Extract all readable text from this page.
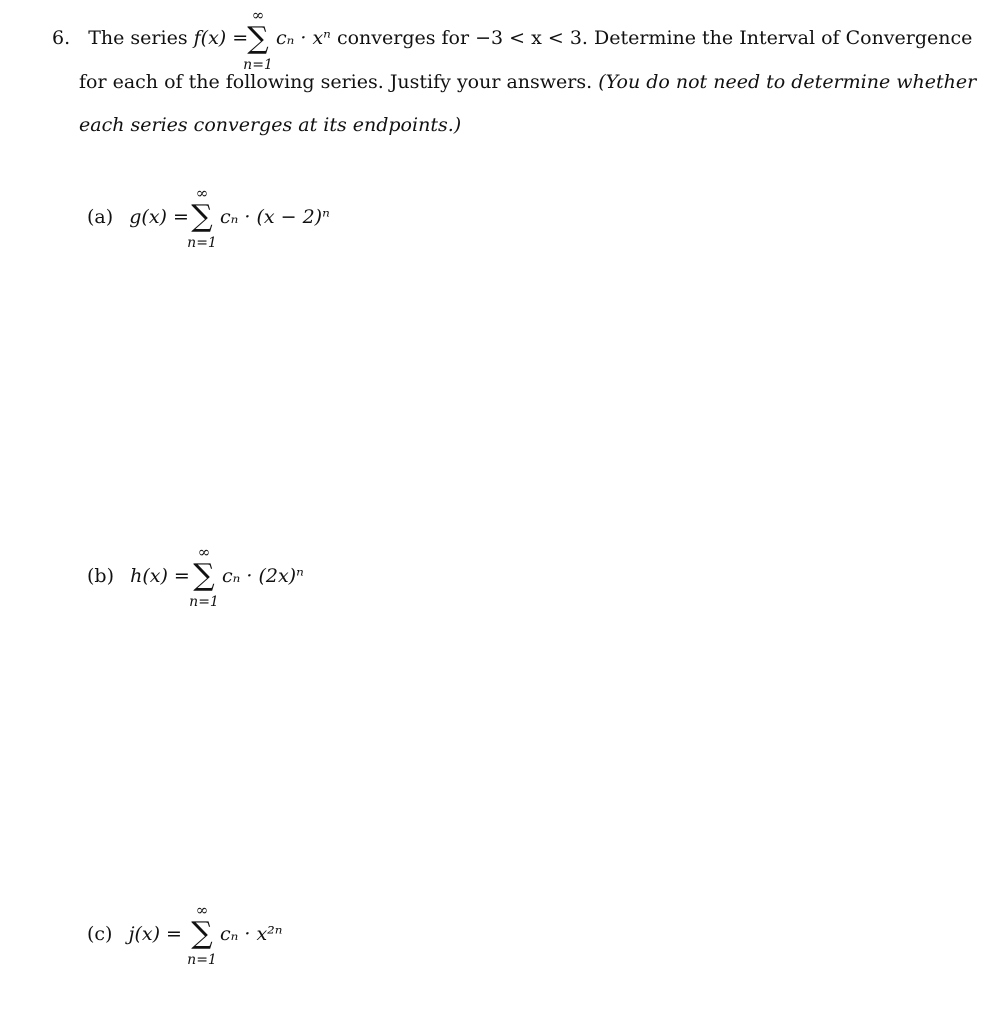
6. The series f(x) =
∞
∑
n=1
cₙ · xⁿ converges for −3 < x < 3. Determine the Interval of Convergence
for each of the following series. Justify your answers. (You do not need to determine whether
each series converges at its endpoints.)
(a) g(x) =
∞
∑
n=1
cₙ · (x − 2)ⁿ
(b) h(x) =
∞
∑
n=1
cₙ · (2x)ⁿ
(c) j(x) =
∞
∑
n=1
cₙ · x²ⁿ
